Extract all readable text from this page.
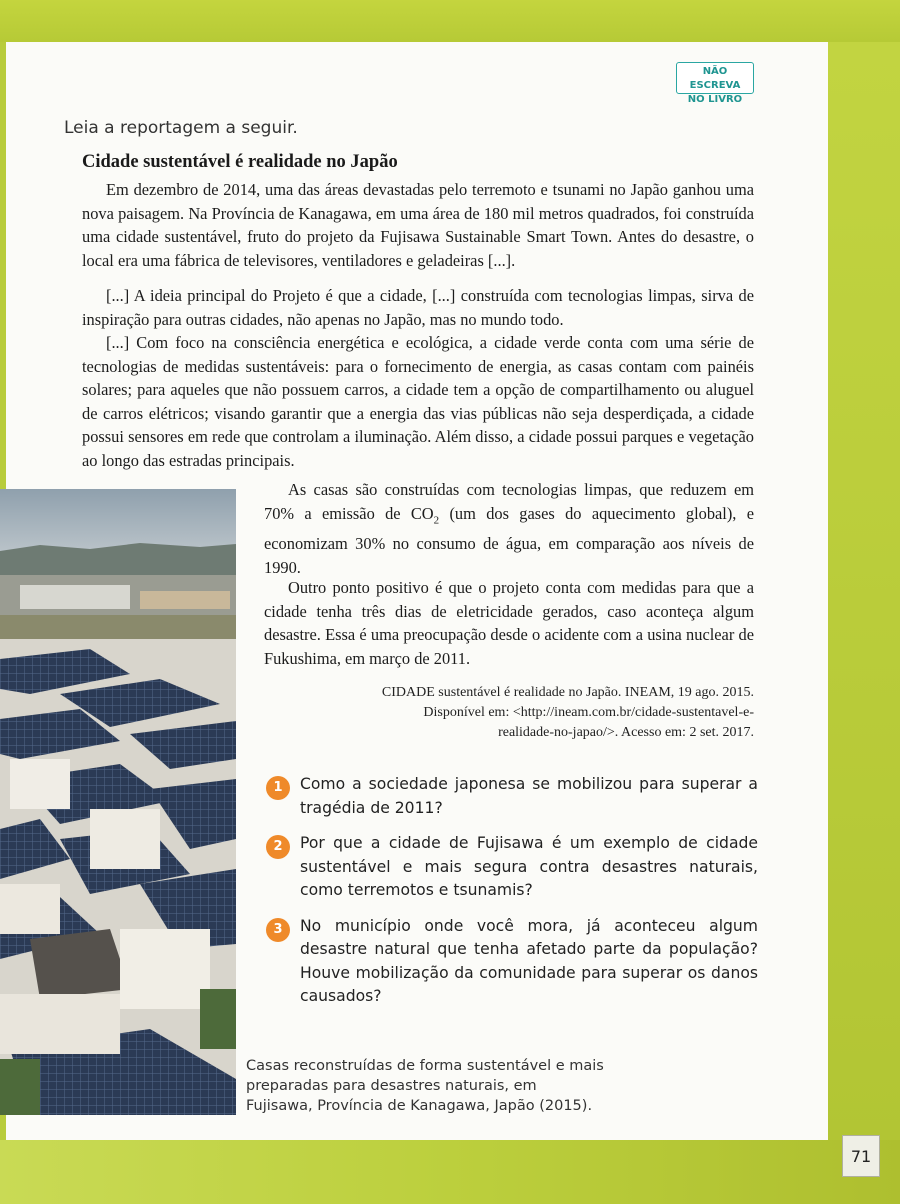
NÃO ESCREVA
NO LIVRO
Leia a reportagem a seguir.
Cidade sustentável é realidade no Japão

Em dezembro de 2014, uma das áreas devastadas pelo terremoto e tsunami no Japão ganhou uma nova paisagem. Na Província de Kanagawa, em uma área de 180 mil metros quadrados, foi construída uma cidade sustentável, fruto do projeto da Fujisawa Sustainable Smart Town. Antes do desastre, o local era uma fábrica de televisores, ventiladores e geladeiras [...].

[...] A ideia principal do Projeto é que a cidade, [...] construída com tecnologias limpas, sirva de inspiração para outras cidades, não apenas no Japão, mas no mundo todo.

[...] Com foco na consciência energética e ecológica, a cidade verde conta com uma série de tecnologias de medidas sustentáveis: para o fornecimento de energia, as casas contam com painéis solares; para aqueles que não possuem carros, a cidade tem a opção de compartilhamento ou aluguel de carros elétricos; visando garantir que a energia das vias públicas não seja desperdiçada, a cidade possui sensores em rede que controlam a iluminação. Além disso, a cidade possui parques e vegetação ao longo das estradas principais.

As casas são construídas com tecnologias limpas, que reduzem em 70% a emissão de $CO_2$ (um dos gases do aquecimento global), e economizam 30% no consumo de água, em comparação aos níveis de 1990.

Outro ponto positivo é que o projeto conta com medidas para que a cidade tenha três dias de eletricidade gerados, caso aconteça algum desastre. Essa é uma preocupação desde o acidente com a usina nuclear de Fukushima, em março de 2011.

CIDADE sustentável é realidade no Japão. INEAM, 19 ago. 2015.
Disponível em: <http://ineam.com.br/cidade-sustentavel-e-
realidade-no-japao/>. Acesso em: 2 set. 2017.
1	Como a sociedade japonesa se mobilizou para superar a tragédia de 2011?
2	Por que a cidade de Fujisawa é um exemplo de cidade sustentável e mais segura contra desastres naturais, como terremotos e tsunamis?
3	No município onde você mora, já aconteceu algum desastre natural que tenha afetado parte da população? Houve mobilização da comunidade para superar os danos causados?
Casas reconstruídas de forma sustentável e mais preparadas para desastres naturais, em Fujisawa, Província de Kanagawa, Japão (2015).
71
